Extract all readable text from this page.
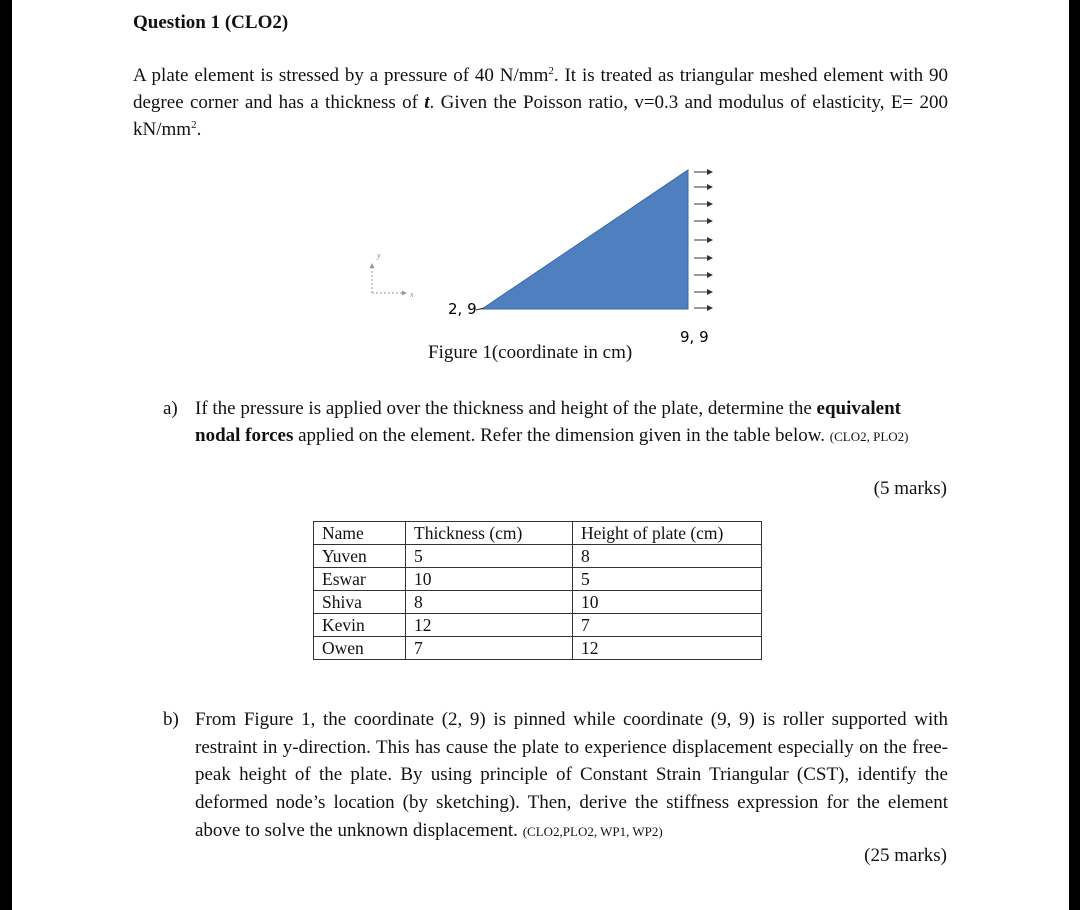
Question 1 (CLO2)
A plate element is stressed by a pressure of 40 $N/mm^2$. It is treated as triangular meshed element with 90 degree corner and has a thickness of t. Given the Poisson ratio, v=0.3 and modulus of elasticity, E= 200 $kN/mm^2$.
y
x
2, 9
9, 9
Figure 1(coordinate in cm)
a) If the pressure is applied over the thickness and height of the plate, determine the equivalent nodal forces applied on the element. Refer the dimension given in the table below. (CLO2, PLO2)
(5 marks)
Name	Thickness (cm)	Height of plate (cm)
Yuven	5	8
Eswar	10	5
Shiva	8	10
Kevin	12	7
Owen	7	12
b) From Figure 1, the coordinate (2, 9) is pinned while coordinate (9, 9) is roller supported with restraint in y-direction. This has cause the plate to experience displacement especially on the free-peak height of the plate. By using principle of Constant Strain Triangular (CST), identify the deformed node’s location (by sketching). Then, derive the stiffness expression for the element above to solve the unknown displacement. (CLO2,PLO2, WP1, WP2)
(25 marks)
